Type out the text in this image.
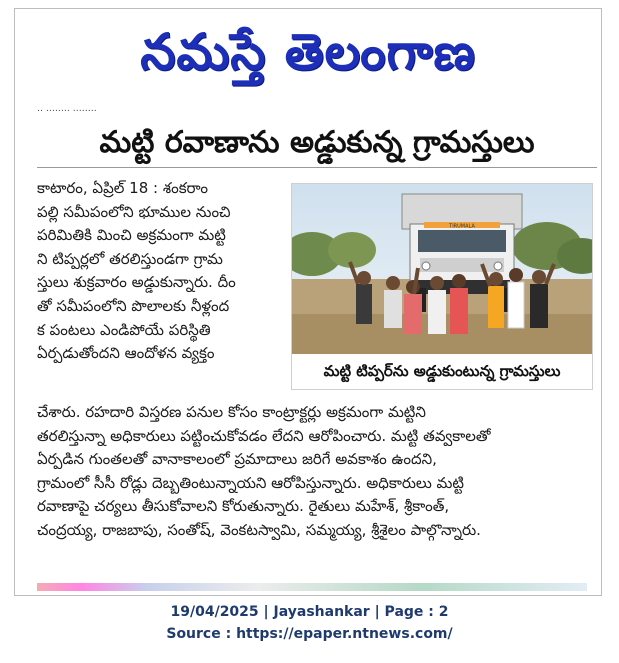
నమస్తే తెలంగాణ
‥ ‥‥‥‥ ‥‥‥‥
మట్టి రవాణాను అడ్డుకున్న గ్రామస్తులు
కాటారం, ఏప్రిల్ 18 : శంకరాం
పల్లి సమీపంలోని భూముల నుంచి
పరిమితికి మించి అక్రమంగా మట్టి
ని టిప్పర్లలో తరలిస్తుండగా గ్రామ
స్తులు శుక్రవారం అడ్డుకున్నారు. దీం
తో సమీపంలోని పొలాలకు నీళ్లంద
క పంటలు ఎండిపోయే పరిస్థితి
ఏర్పడుతోందని ఆందోళన వ్యక్తం
TIRUMALA
మట్టి టిప్పర్‌ను అడ్డుకుంటున్న గ్రామస్తులు
చేశారు. రహదారి విస్తరణ పనుల కోసం కాంట్రాక్టర్లు అక్రమంగా మట్టిని
తరలిస్తున్నా అధికారులు పట్టించుకోవడం లేదని ఆరోపించారు. మట్టి తవ్వకాలతో
ఏర్పడిన గుంతలతో వానాకాలంలో ప్రమాదాలు జరిగే అవకాశం ఉందని,
గ్రామంలో సీసీ రోడ్లు దెబ్బతింటున్నాయని ఆరోపిస్తున్నారు. అధికారులు మట్టి
రవాణాపై చర్యలు తీసుకోవాలని కోరుతున్నారు. రైతులు మహేశ్, శ్రీకాంత్,
చంద్రయ్య, రాజబాపు, సంతోష్, వెంకటస్వామి, సమ్మయ్య, శ్రీశైలం పాల్గొన్నారు.
19/04/2025 | Jayashankar | Page : 2
Source : https://epaper.ntnews.com/
